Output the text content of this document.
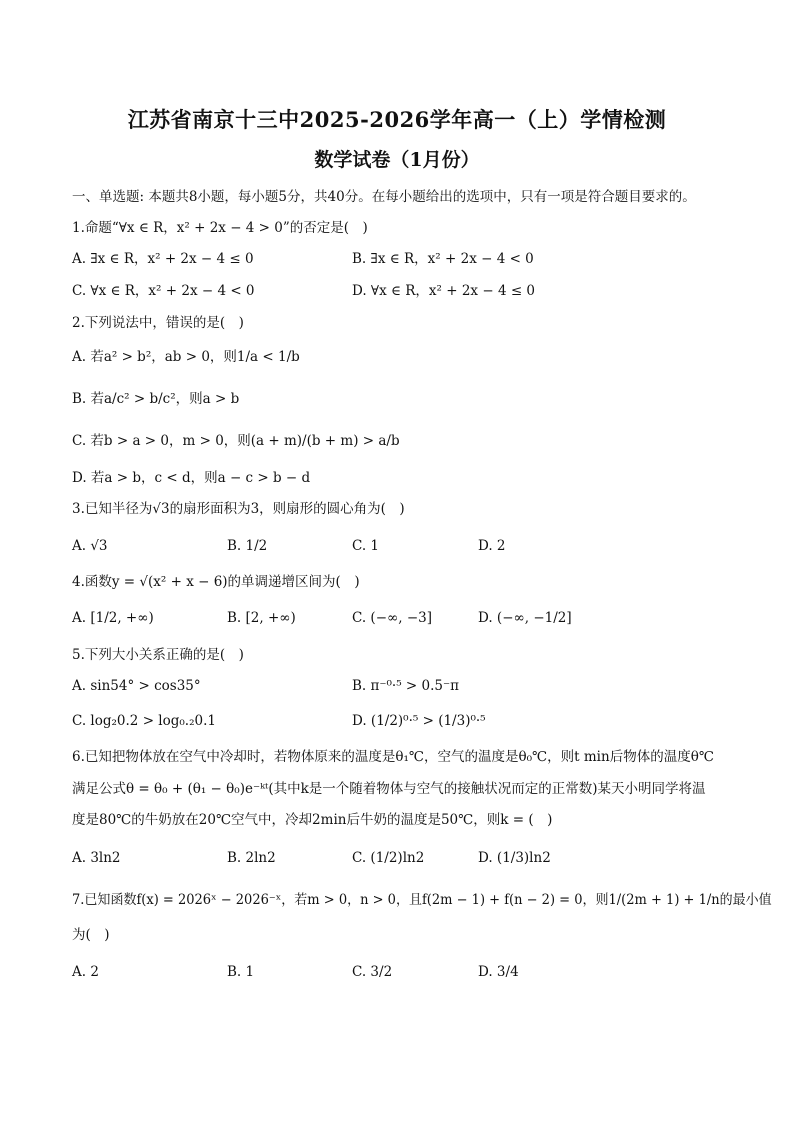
江苏省南京十三中2025-2026学年高一（上）学情检测
数学试卷（1月份）
一、单选题: 本题共8小题，每小题5分，共40分。在每小题给出的选项中，只有一项是符合题目要求的。
1.命题“∀x ∈ R，x² + 2x − 4 > 0”的否定是(　)
A. ∃x ∈ R，x² + 2x − 4 ≤ 0	B. ∃x ∈ R，x² + 2x − 4 < 0
C. ∀x ∈ R，x² + 2x − 4 < 0	D. ∀x ∈ R，x² + 2x − 4 ≤ 0
2.下列说法中，错误的是(　)
A. 若a² > b²，ab > 0，则1/a < 1/b
B. 若a/c² > b/c²，则a > b
C. 若b > a > 0，m > 0，则(a + m)/(b + m) > a/b
D. 若a > b，c < d，则a − c > b − d
3.已知半径为√3的扇形面积为3，则扇形的圆心角为(　)
A. √3	B. 1/2	C. 1	D. 2
4.函数y = √(x² + x − 6)的单调递增区间为(　)
A. [1/2, +∞)	B. [2, +∞)	C. (−∞, −3]	D. (−∞, −1/2]
5.下列大小关系正确的是(　)
A. sin54° > cos35°	B. π⁻⁰·⁵ > 0.5⁻π
C. log₂0.2 > log₀.₂0.1	D. (1/2)⁰·⁵ > (1/3)⁰·⁵
6.已知把物体放在空气中冷却时，若物体原来的温度是θ₁℃，空气的温度是θ₀℃，则t min后物体的温度θ℃
满足公式θ = θ₀ + (θ₁ − θ₀)e⁻ᵏᵗ(其中k是一个随着物体与空气的接触状况而定的正常数)某天小明同学将温
度是80℃的牛奶放在20℃空气中，冷却2min后牛奶的温度是50℃，则k = (　)
A. 3ln2	B. 2ln2	C. (1/2)ln2	D. (1/3)ln2
7.已知函数f(x) = 2026ˣ − 2026⁻ˣ，若m > 0，n > 0，且f(2m − 1) + f(n − 2) = 0，则1/(2m + 1) + 1/n的最小值
为(　)
A. 2	B. 1	C. 3/2	D. 3/4
